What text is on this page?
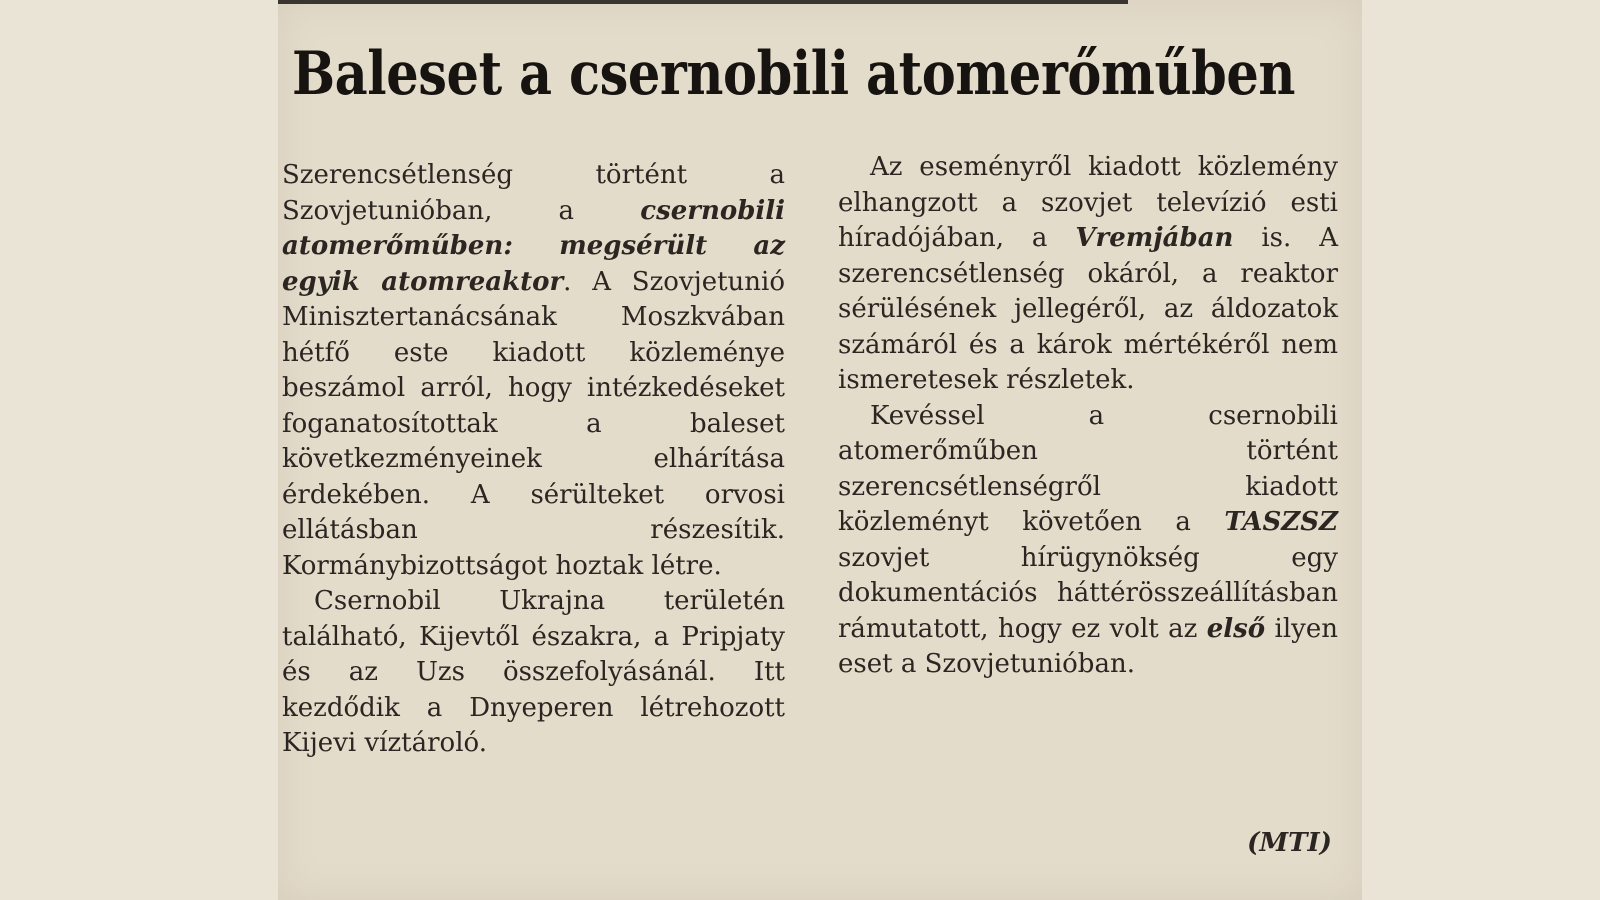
Baleset a csernobili atomerőműben

Szerencsétlenség történt a Szovjetunióban, a csernobili atomerőműben: megsérült az egyik atomreaktor. A Szovjetunió Minisztertanácsának Moszkvában hétfő este kiadott közleménye beszámol arról, hogy intézkedéseket foganatosítottak a baleset következményeinek elhárítása érdekében. A sérülteket orvosi ellátásban részesítik. Kormánybizottságot hoztak létre.

Csernobil Ukrajna területén található, Kijevtől északra, a Pripjaty és az Uzs összefolyásánál. Itt kezdődik a Dnyeperen létrehozott Kijevi víztároló.

Az eseményről kiadott közlemény elhangzott a szovjet televízió esti híradójában, a Vremjában is. A szerencsétlenség okáról, a reaktor sérülésének jellegéről, az áldozatok számáról és a károk mértékéről nem ismeretesek részletek.

Kevéssel a csernobili atomerőműben történt szerencsétlenségről kiadott közleményt követően a TASZSZ szovjet hírügynökség egy dokumentációs háttérösszeállításban rámutatott, hogy ez volt az első ilyen eset a Szovjetunióban.

(MTI)
